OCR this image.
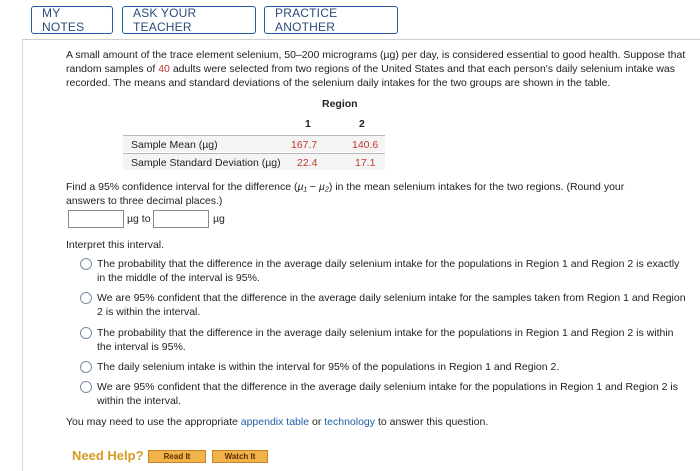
MY NOTES
ASK YOUR TEACHER
PRACTICE ANOTHER
A small amount of the trace element selenium, 50–200 micrograms (µg) per day, is considered essential to good health. Suppose that random samples of 40 adults were selected from two regions of the United States and that each person's daily selenium intake was recorded. The means and standard deviations of the selenium daily intakes for the two groups are shown in the table.
Region
1	2
Sample Mean (µg)	167.7	140.6
Sample Standard Deviation (µg) 22.4	17.1
Find a 95% confidence interval for the difference (µ₁ − µ₂) in the mean selenium intakes for the two regions. (Round your answers to three decimal places.)
µg to	µg
Interpret this interval.
The probability that the difference in the average daily selenium intake for the populations in Region 1 and Region 2 is exactly in the middle of the interval is 95%.
We are 95% confident that the difference in the average daily selenium intake for the samples taken from Region 1 and Region 2 is within the interval.
The probability that the difference in the average daily selenium intake for the populations in Region 1 and Region 2 is within the interval is 95%.
The daily selenium intake is within the interval for 95% of the populations in Region 1 and Region 2.
We are 95% confident that the difference in the average daily selenium intake for the populations in Region 1 and Region 2 is within the interval.
You may need to use the appropriate appendix table or technology to answer this question.
Need Help?	Read It	Watch It
